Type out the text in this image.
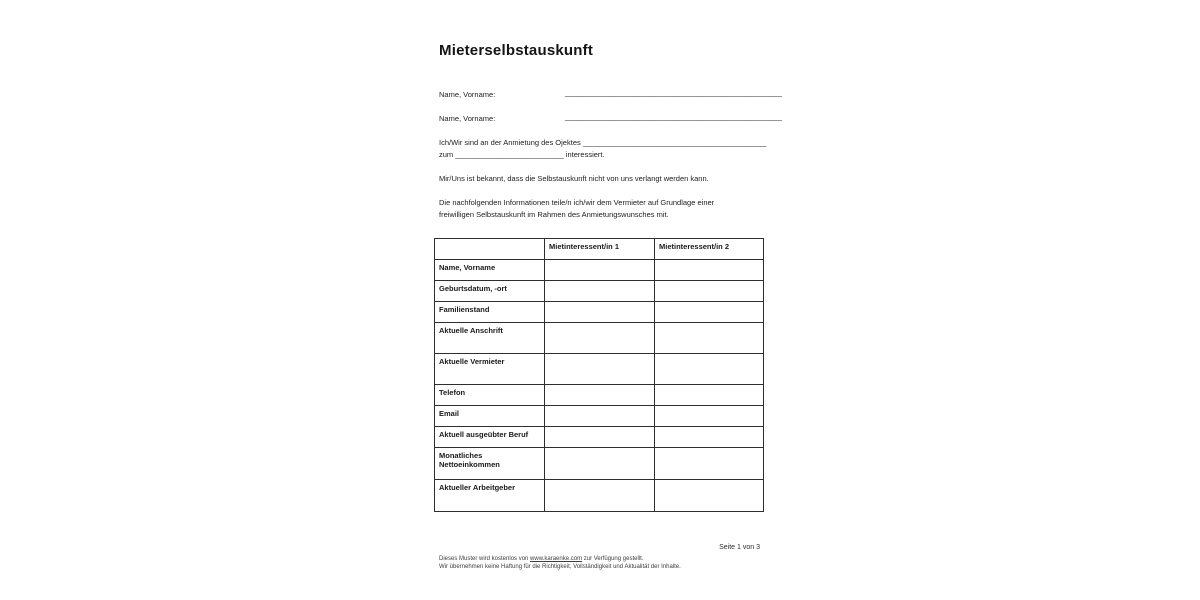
Mieterselbstauskunft
Name, Vorname:	____________________________________________________
Name, Vorname:	____________________________________________________
Ich/Wir sind an der Anmietung des Ojektes ____________________________________________
zum __________________________ interessiert.
Mir/Uns ist bekannt, dass die Selbstauskunft nicht von uns verlangt werden kann.
Die nachfolgenden Informationen teile/n ich/wir dem Vermieter auf Grundlage einer
freiwilligen Selbstauskunft im Rahmen des Anmietungswunsches mit.
	Mietinteressent/in 1	Mietinteressent/in 2
Name, Vorname		
Geburtsdatum, -ort		
Familienstand		
Aktuelle Anschrift		
Aktuelle Vermieter		
Telefon		
Email		
Aktuell ausgeübter Beruf		
Monatliches Nettoeinkommen		
Aktueller Arbeitgeber		
Seite 1 von 3
Dieses Muster wird kostenlos von www.karaenke.com zur Verfügung gestellt.
Wir übernehmen keine Haftung für die Richtigkeit, Vollständigkeit und Aktualität der Inhalte.
